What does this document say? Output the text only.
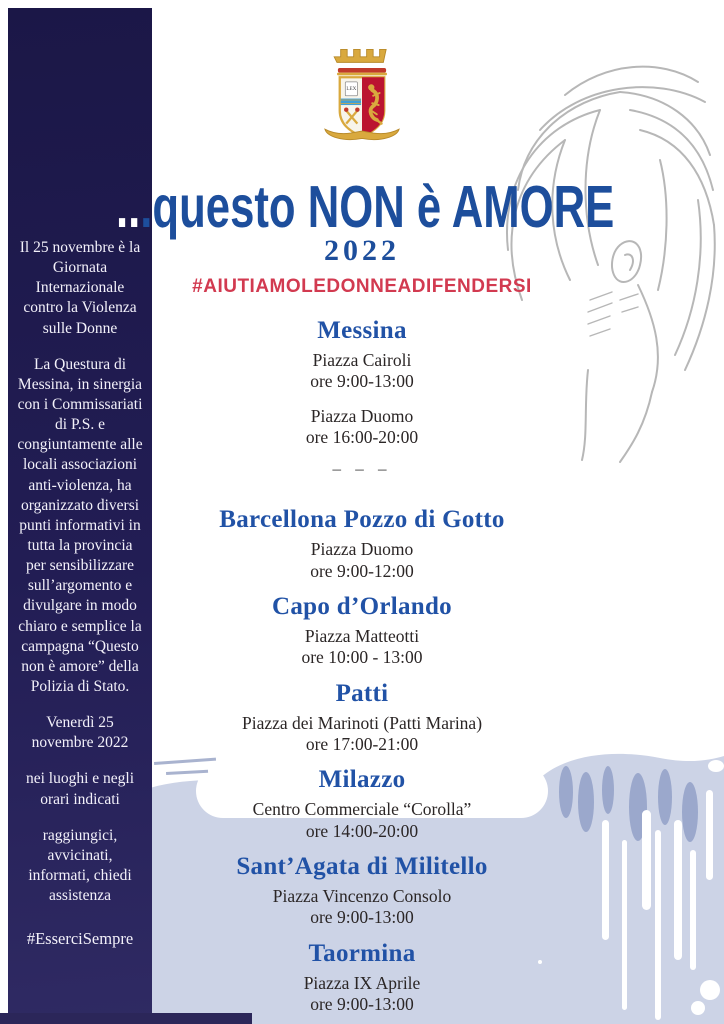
Il 25 novembre è la Giornata Internazionale contro la Violenza sulle Donne

La Questura di Messina, in sinergia con i Commissariati di P.S. e congiuntamente alle locali associazioni anti-violenza, ha organizzato diversi punti informativi in tutta la provincia per sensibilizzare sull’argomento e divulgare in modo chiaro e semplice la campagna “Questo non è amore” della Polizia di Stato.

Venerdì 25 novembre 2022

nei luoghi e negli orari indicati

raggiungici, avvicinati, informati, chiedi assistenza

#EsserciSempre

LEX
...questo NON è AMORE
2022
#AIUTIAMOLEDONNEADIFENDERSI
Messina
Piazza Cairoli
ore 9:00-13:00
Piazza Duomo
ore 16:00-20:00
– – –
Barcellona Pozzo di Gotto
Piazza Duomo
ore 9:00-12:00
Capo d’Orlando
Piazza Matteotti
ore 10:00 - 13:00
Patti
Piazza dei Marinoti (Patti Marina)
ore 17:00-21:00
Milazzo
Centro Commerciale “Corolla”
ore 14:00-20:00
Sant’Agata di Militello
Piazza Vincenzo Consolo
ore 9:00-13:00
Taormina
Piazza IX Aprile
ore 9:00-13:00
